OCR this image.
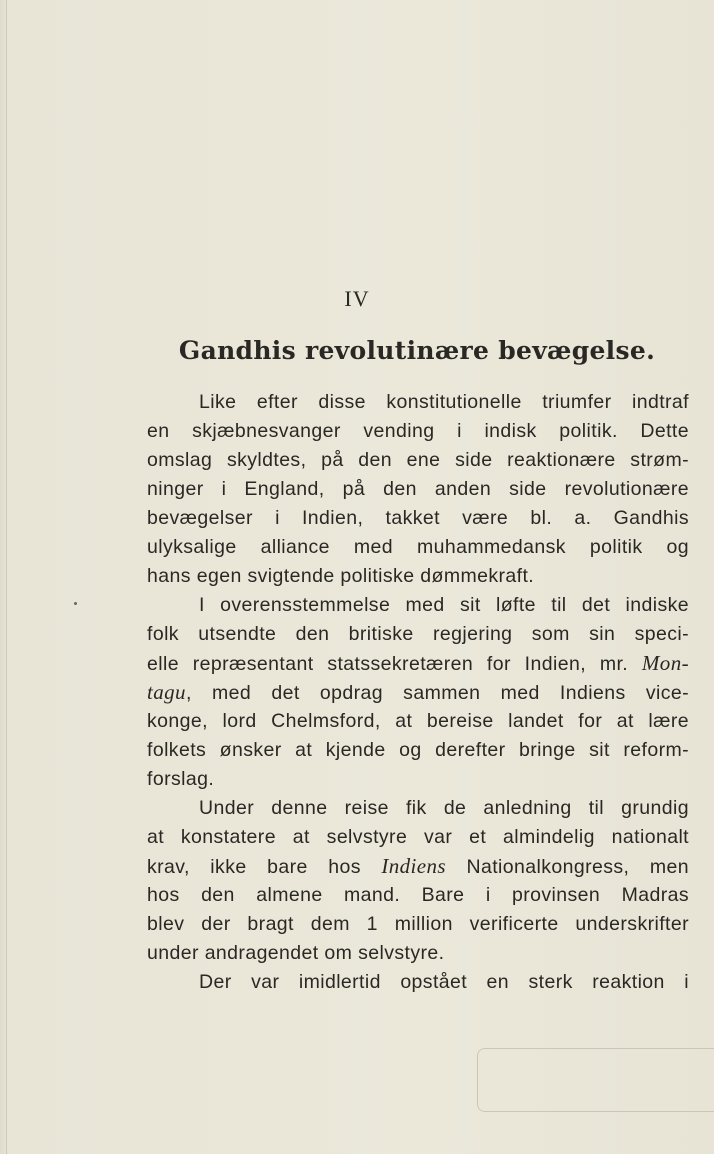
IV
Gandhis revolutinære bevægelse.
Like efter disse konstitutionelle triumfer indtraf
en skjæbnesvanger vending i indisk politik. Dette
omslag skyldtes, på den ene side reaktionære strøm-
ninger i England, på den anden side revolutionære
bevægelser i Indien, takket være bl. a. Gandhis
ulyksalige alliance med muhammedansk politik og
hans egen svigtende politiske dømmekraft.
I overensstemmelse med sit løfte til det indiske
folk utsendte den britiske regjering som sin speci-
elle repræsentant statssekretæren for Indien, mr. Mon-
tagu, med det opdrag sammen med Indiens vice-
konge, lord Chelmsford, at bereise landet for at lære
folkets ønsker at kjende og derefter bringe sit reform-
forslag.
Under denne reise fik de anledning til grundig
at konstatere at selvstyre var et almindelig nationalt
krav, ikke bare hos Indiens Nationalkongress, men
hos den almene mand. Bare i provinsen Madras
blev der bragt dem 1 million verificerte underskrifter
under andragendet om selvstyre.
Der var imidlertid opstået en sterk reaktion i
